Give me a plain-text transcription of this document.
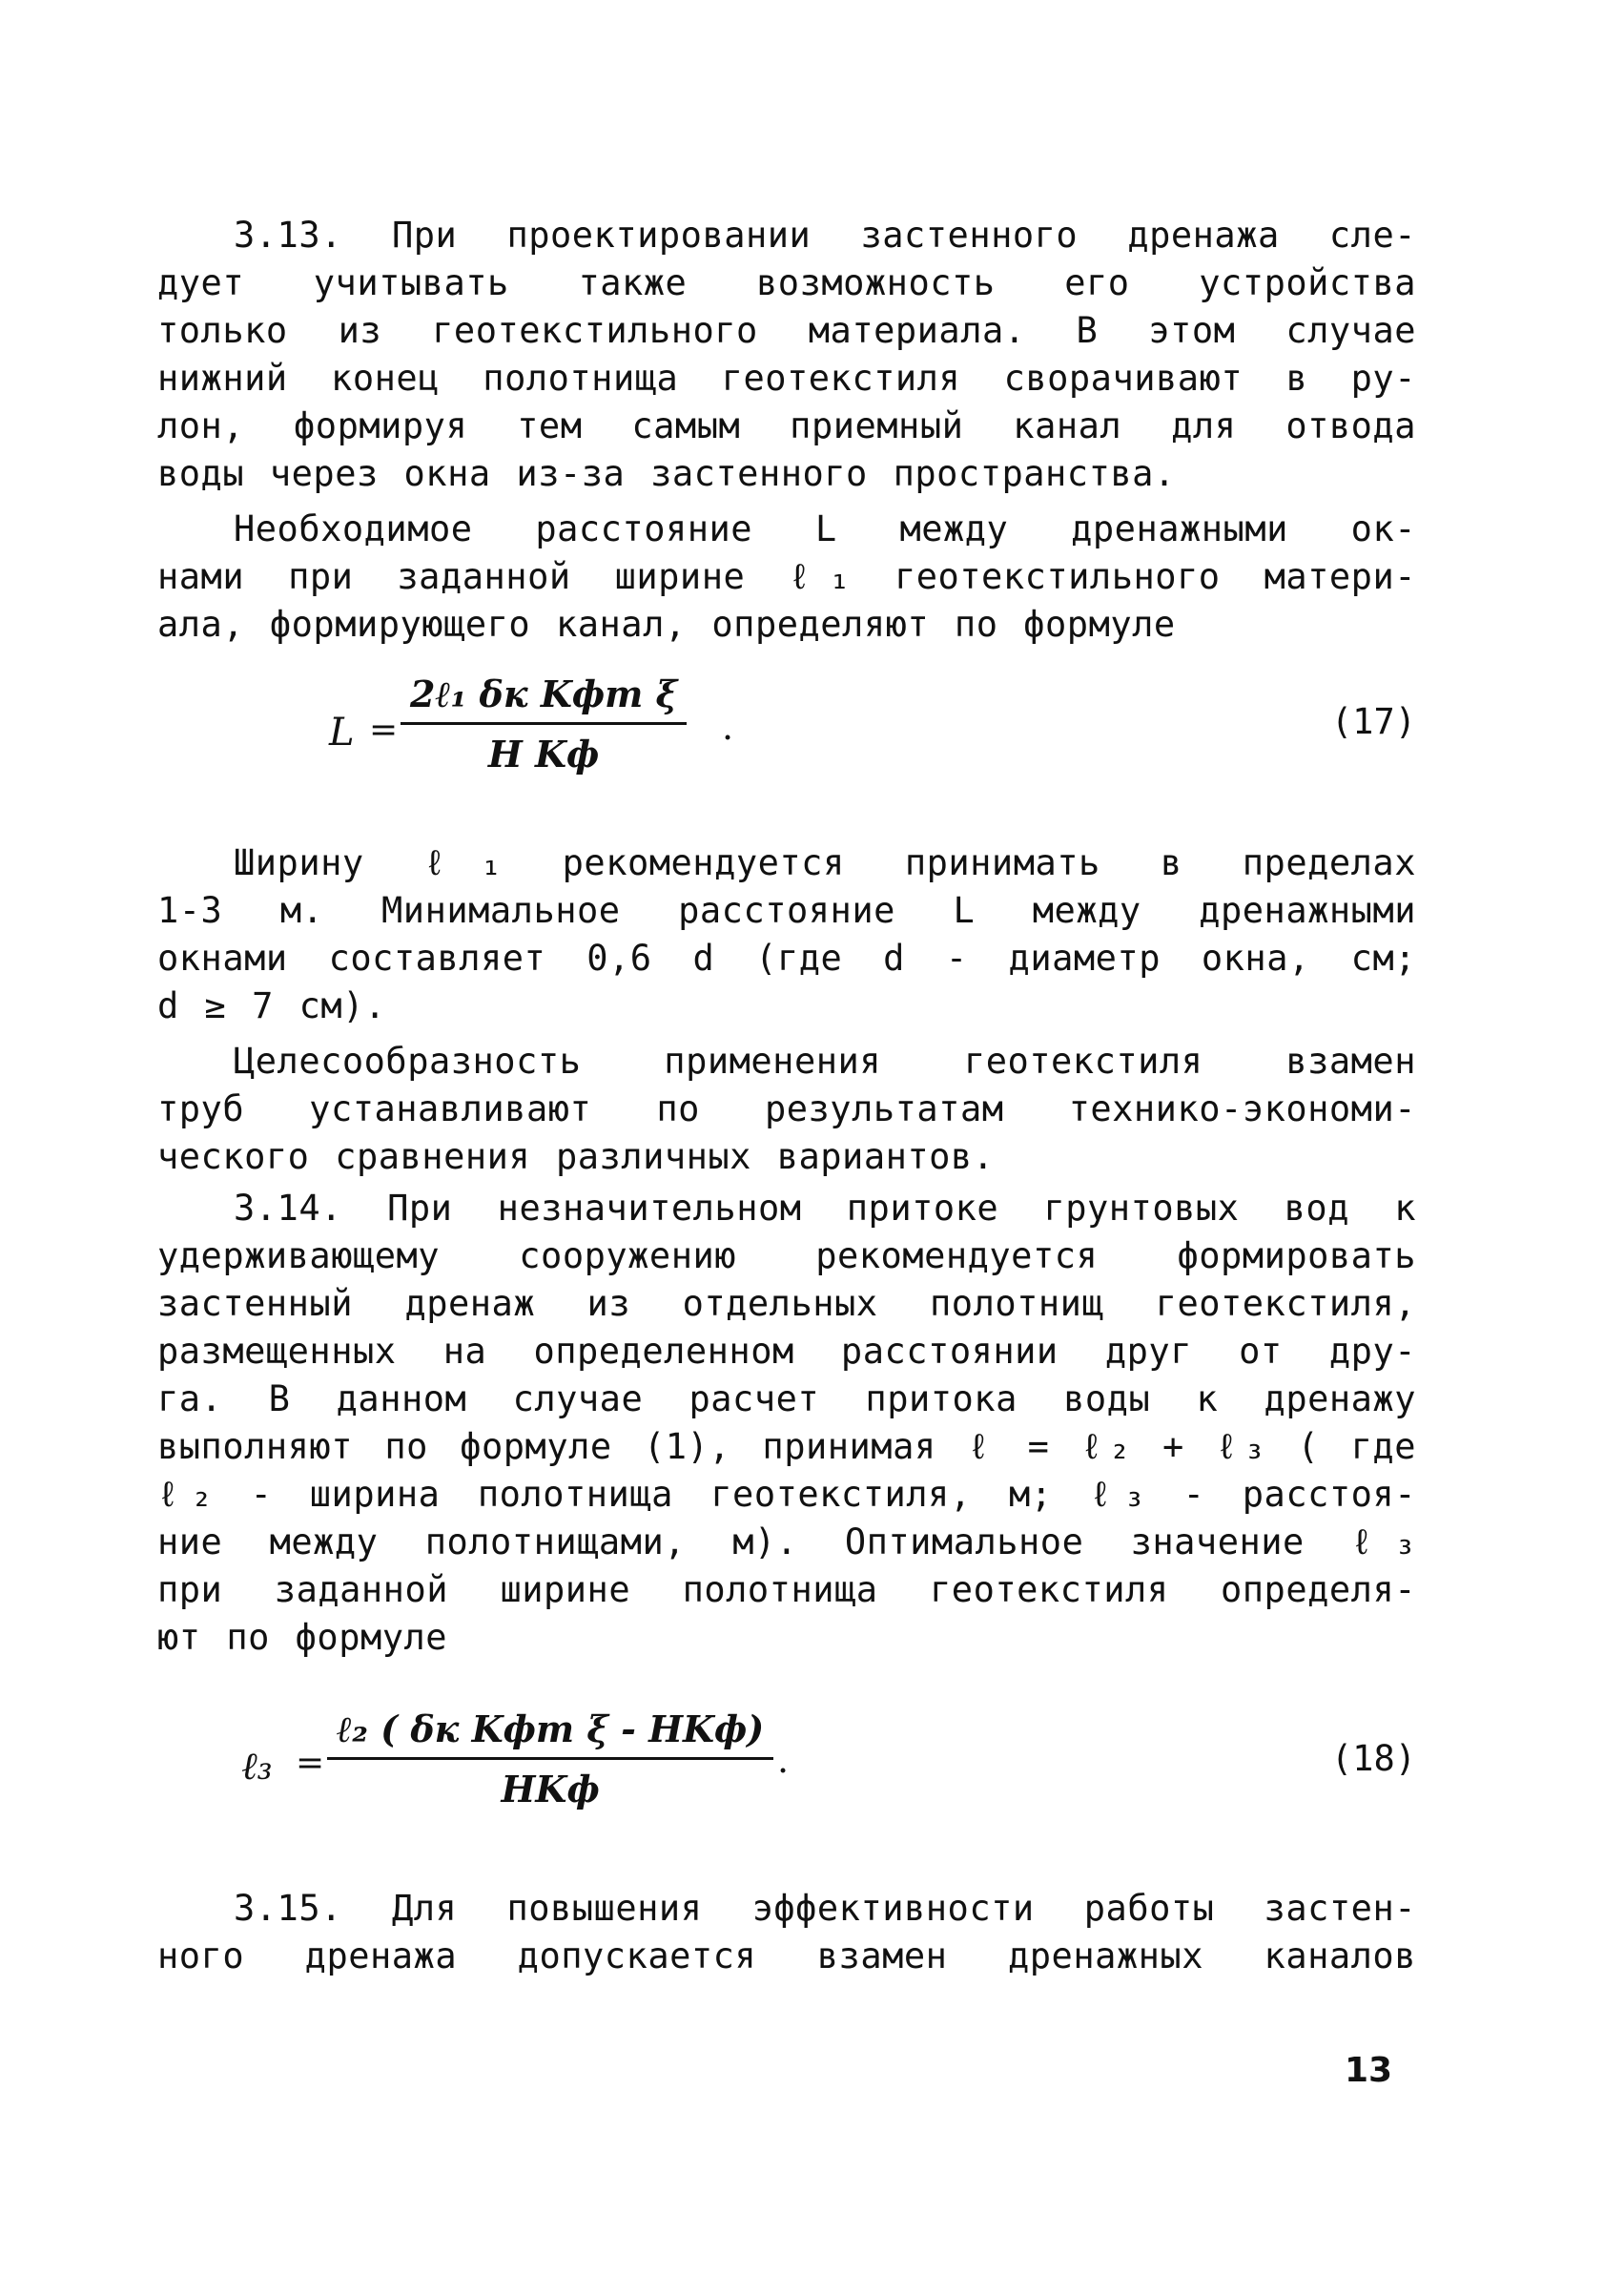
3.13. При проектировании застенного дренажа сле-
дует учитывать также возможность его устройства
только из геотекстильного материала. В этом случае
нижний конец полотнища геотекстиля сворачивают в ру-
лон, формируя тем самым приемный канал для отвода
воды через окна из-за застенного пространства.
Необходимое расстояние L между дренажными ок-
нами при заданной ширине ℓ₁ геотекстильного матери-
ала, формирующего канал, определяют по формуле
L =
2ℓ₁ δк Kфт ξ
H Kф
.	(17)
Ширину ℓ₁ рекомендуется принимать в пределах
1-3 м. Минимальное расстояние L между дренажными
окнами составляет 0,6 d (где d - диаметр окна, см;
d ≥ 7 см).
Целесообразность применения геотекстиля взамен
труб устанавливают по результатам технико-экономи-
ческого сравнения различных вариантов.
3.14. При незначительном притоке грунтовых вод к
удерживающему сооружению рекомендуется формировать
застенный дренаж из отдельных полотнищ геотекстиля,
размещенных на определенном расстоянии друг от дру-
га. В данном случае расчет притока воды к дренажу
выполняют по формуле (1), принимая ℓ = ℓ₂ + ℓ₃ ( где
ℓ₂ - ширина полотнища геотекстиля, м; ℓ₃ - расстоя-
ние между полотнищами, м). Оптимальное значение ℓ₃
при заданной ширине полотнища геотекстиля определя-
ют по формуле
ℓ₃ =
ℓ₂ ( δк Kфт ξ - HKф)
HKф
.	(18)
3.15. Для повышения эффективности работы застен-
ного дренажа допускается взамен дренажных каналов
13
